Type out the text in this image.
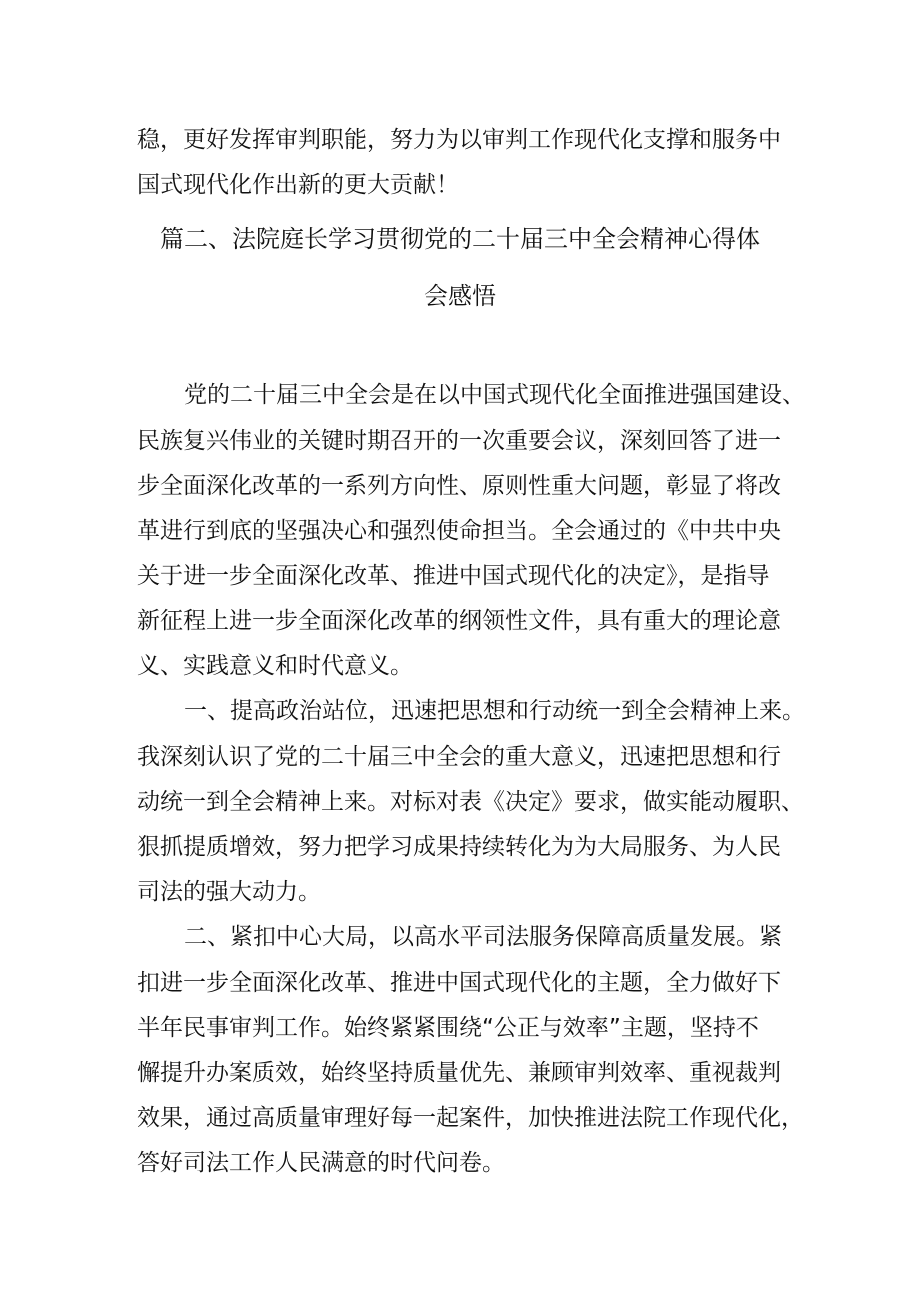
稳，更好发挥审判职能，努力为以审判工作现代化支撑和服务中
国式现代化作出新的更大贡献！
篇二、法院庭长学习贯彻党的二十届三中全会精神心得体
会感悟
党的二十届三中全会是在以中国式现代化全面推进强国建设、
民族复兴伟业的关键时期召开的一次重要会议，深刻回答了进一
步全面深化改革的一系列方向性、原则性重大问题，彰显了将改
革进行到底的坚强决心和强烈使命担当。全会通过的《中共中央
关于进一步全面深化改革、推进中国式现代化的决定》，是指导
新征程上进一步全面深化改革的纲领性文件，具有重大的理论意
义、实践意义和时代意义。
一、提高政治站位，迅速把思想和行动统一到全会精神上来。
我深刻认识了党的二十届三中全会的重大意义，迅速把思想和行
动统一到全会精神上来。对标对表《决定》要求，做实能动履职、
狠抓提质增效，努力把学习成果持续转化为为大局服务、为人民
司法的强大动力。
二、紧扣中心大局，以高水平司法服务保障高质量发展。紧
扣进一步全面深化改革、推进中国式现代化的主题，全力做好下
半年民事审判工作。始终紧紧围绕“公正与效率”主题，坚持不
懈提升办案质效，始终坚持质量优先、兼顾审判效率、重视裁判
效果，通过高质量审理好每一起案件，加快推进法院工作现代化，
答好司法工作人民满意的时代问卷。
